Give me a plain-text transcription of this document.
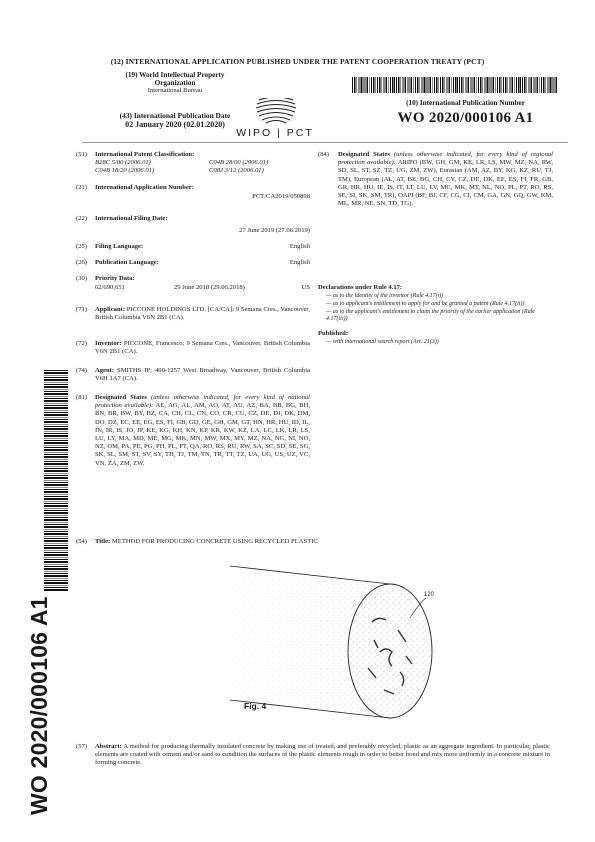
(12) INTERNATIONAL APPLICATION PUBLISHED UNDER THE PATENT COOPERATION TREATY (PCT)
(19) World Intellectual Property
Organization
International Bureau
(43) International Publication Date
02 January 2020 (02.01.2020)
WIPO | PCT
(10) International Publication Number
WO 2020/000106 A1
WO 2020/000106 A1
(51) International Patent Classification:
B28C 5/00 (2006.01)	C04B 28/00 (2006.01)
C04B 18/20 (2006.01)	C08J 3/12 (2006.01)
(21) International Application Number:
PCT/CA2019/050898
(22) International Filing Date:
27 June 2019 (27.06.2019)
(25) Filing Language:	English
(26) Publication Language:	English
(30) Priority Data:
62/690,651	29 June 2018 (29.06.2018)	US
(71) Applicant: PICCONE HOLDINGS LTD. [CA/CA]; 9 Semana Cres., Vancouver, British Columbia V6N 2B1 (CA).
(72) Inventor: PICCONE, Francesco; 9 Semana Cres., Vancouver, British Columbia V6N 2B1 (CA).
(74) Agent: SMITHS IP; 400-1257 West Broadway, Vancouver, British Columbia V6H 1A7 (CA).
(81) Designated States (unless otherwise indicated, for every kind of national protection available): AE, AG, AL, AM, AO, AT, AU, AZ, BA, BB, BG, BH, BN, BR, BW, BY, BZ, CA, CH, CL, CN, CO, CR, CU, CZ, DE, DJ, DK, DM, DO, DZ, EC, EE, EG, ES, FI, GB, GD, GE, GH, GM, GT, HN, HR, HU, ID, IL, IN, IR, IS, JO, JP, KE, KG, KH, KN, KP, KR, KW, KZ, LA, LC, LK, LR, LS, LU, LY, MA, MD, ME, MG, MK, MN, MW, MX, MY, MZ, NA, NG, NI, NO, NZ, OM, PA, PE, PG, PH, PL, PT, QA, RO, RS, RU, RW, SA, SC, SD, SE, SG, SK, SL, SM, ST, SV, SY, TH, TJ, TM, TN, TR, TT, TZ, UA, UG, US, UZ, VC, VN, ZA, ZM, ZW.
(84) Designated States (unless otherwise indicated, for every kind of regional protection available): ARIPO (BW, GH, GM, KE, LR, LS, MW, MZ, NA, RW, SD, SL, ST, SZ, TZ, UG, ZM, ZW), Eurasian (AM, AZ, BY, KG, KZ, RU, TJ, TM), European (AL, AT, BE, BG, CH, CY, CZ, DE, DK, EE, ES, FI, FR, GB, GR, HR, HU, IE, IS, IT, LT, LU, LV, MC, MK, MT, NL, NO, PL, PT, RO, RS, SE, SI, SK, SM, TR), OAPI (BF, BJ, CF, CG, CI, CM, GA, GN, GQ, GW, KM, ML, MR, NE, SN, TD, TG).
Declarations under Rule 4.17:
— as to the identity of the inventor (Rule 4.17(i))
— as to applicant's entitlement to apply for and be granted a patent (Rule 4.17(ii))
— as to the applicant's entitlement to claim the priority of the earlier application (Rule 4.17(iii))
Published:
— with international search report (Art. 21(3))
(54) Title: METHOD FOR PRODUCING CONCRETE USING RECYCLED PLASTIC
120
Fig. 4
(57) Abstract: A method for producing thermally insulated concrete by making use of treated, and preferably recycled, plastic as an aggregate ingredient. In particular, plastic elements are coated with cement and/or sand to condition the surfaces of the plastic elements rough in order to better bond and mix more uniformly in a concrete mixture in forming concrete.
